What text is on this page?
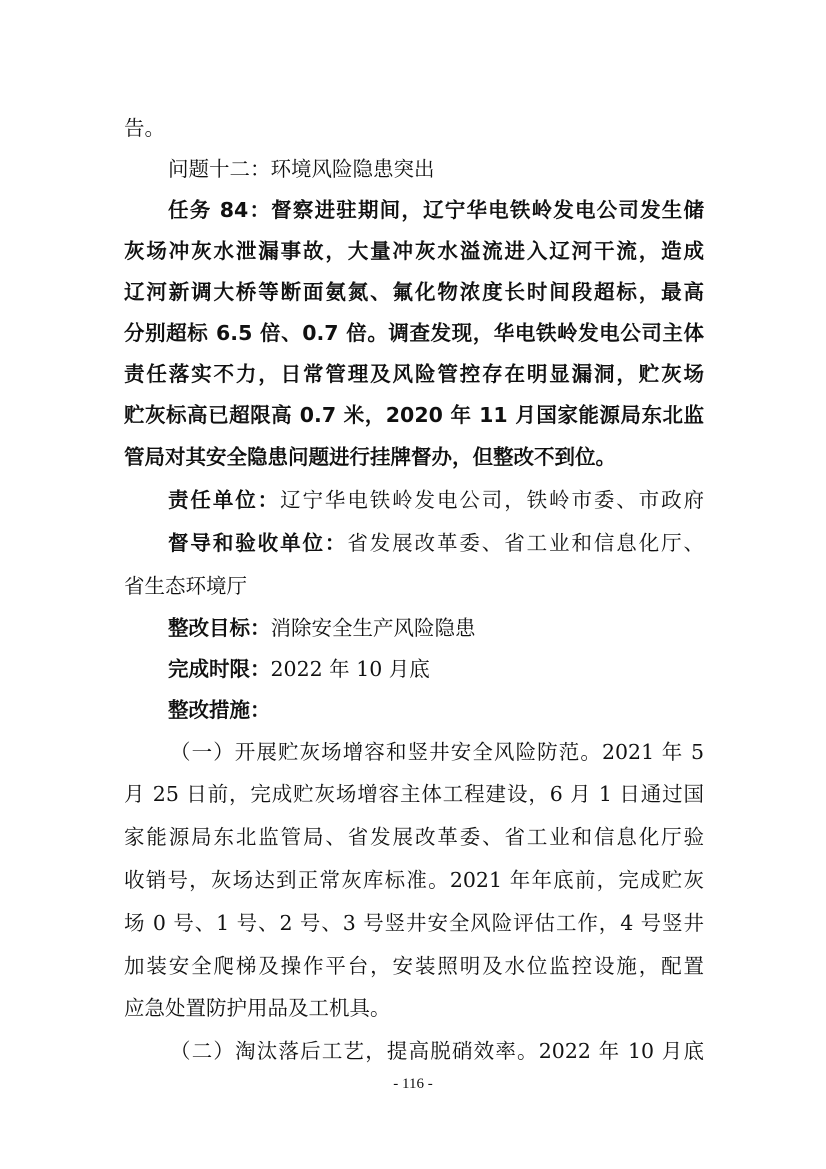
告。
问题十二：环境风险隐患突出
任务 84：督察进驻期间，辽宁华电铁岭发电公司发生储
灰场冲灰水泄漏事故，大量冲灰水溢流进入辽河干流，造成
辽河新调大桥等断面氨氮、氟化物浓度长时间段超标，最高
分别超标 6.5 倍、0.7 倍。调查发现，华电铁岭发电公司主体
责任落实不力，日常管理及风险管控存在明显漏洞，贮灰场
贮灰标高已超限高 0.7 米，2020 年 11 月国家能源局东北监
管局对其安全隐患问题进行挂牌督办，但整改不到位。
责任单位：辽宁华电铁岭发电公司，铁岭市委、市政府
督导和验收单位：省发展改革委、省工业和信息化厅、
省生态环境厅
整改目标：消除安全生产风险隐患
完成时限：2022 年 10 月底
整改措施：
（一）开展贮灰场增容和竖井安全风险防范。2021 年 5
月 25 日前，完成贮灰场增容主体工程建设，6 月 1 日通过国
家能源局东北监管局、省发展改革委、省工业和信息化厅验
收销号，灰场达到正常灰库标准。2021 年年底前，完成贮灰
场 0 号、1 号、2 号、3 号竖井安全风险评估工作，4 号竖井
加装安全爬梯及操作平台，安装照明及水位监控设施，配置
应急处置防护用品及工机具。
（二）淘汰落后工艺，提高脱硝效率。2022 年 10 月底
- 116 -
